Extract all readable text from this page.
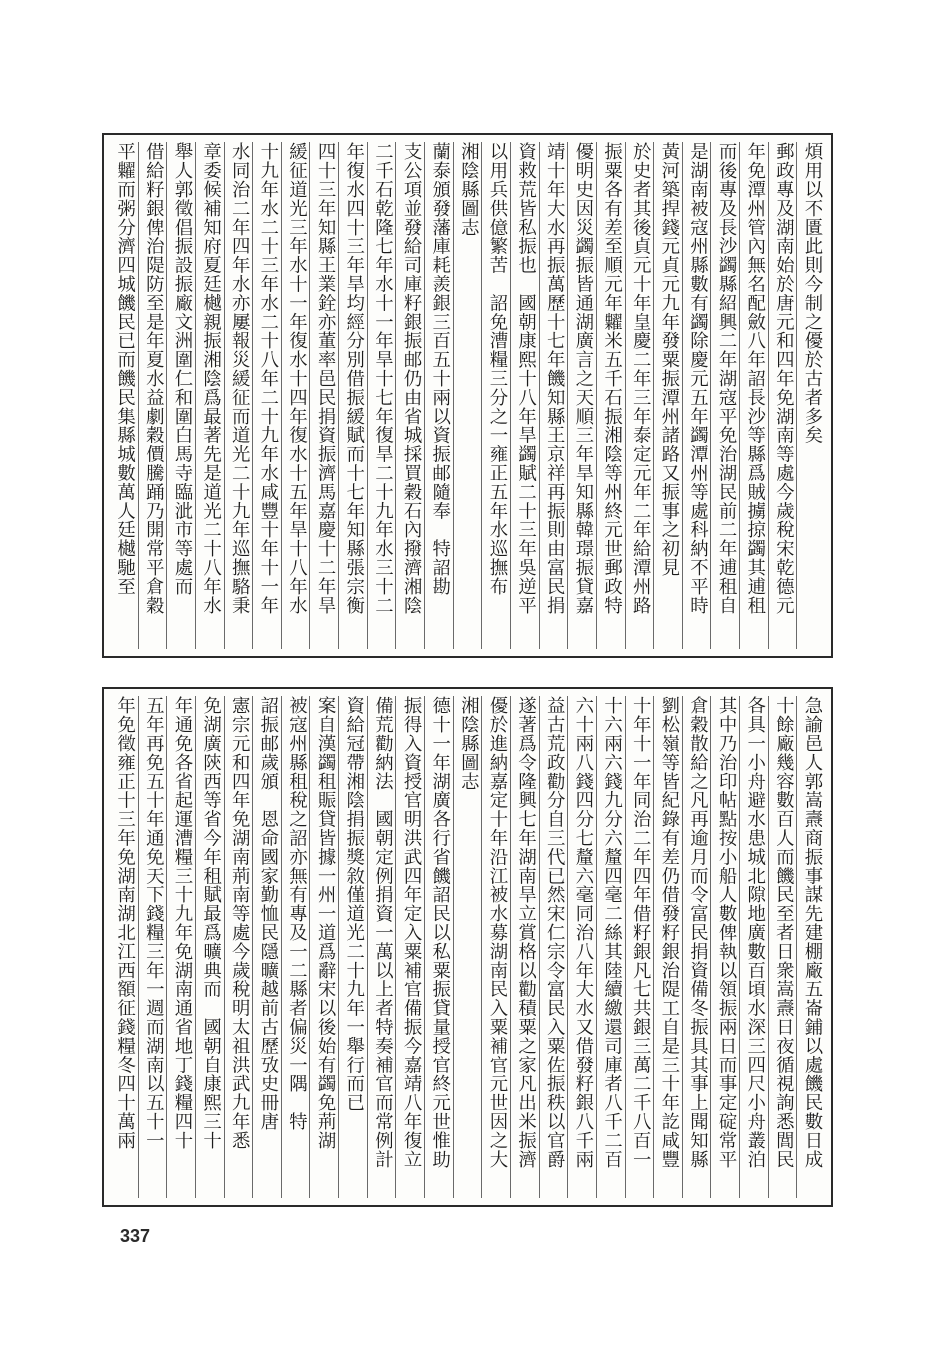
煩用以不匱此則今制之優於古者多矣
郵政專及湖南始於唐元和四年免湖南等處今歲稅宋乾德元
年免潭州管內無名配斂八年詔長沙等縣爲賊擄掠蠲其逋租
而後專及長沙蠲縣紹興二年湖寇平免治湖民前二年逋租自
是湖南被寇州縣數有蠲除慶元五年蠲潭州等處科納不平時
黃河築捍錢元貞元九年發粟振潭州諸路又振事之初見
於史者其後貞元十年皇慶二年三年泰定元年二年給潭州路
振粟各有差至順元年糶米五千石振湘陰等州終元世郵政特
優明史因災蠲振皆通湖廣言之天順三年旱知縣韓璟振貸嘉
靖十年大水再振萬歷十七年饑知縣王京祥再振則由富民捐
資救荒皆私振也　國朝康熙十八年旱蠲賦二十三年吳逆平
以用兵供億繁苦　詔免漕糧三分之一雍正五年水巡撫布
湘陰縣圖志
蘭泰頒發藩庫耗羨銀三百五十兩以資振邮隨奉　特詔勘
支公項並發給司庫籽銀振邮仍由省城採買穀石內撥濟湘陰
二千石乾隆七年水十一年旱十七年復旱二十九年水三十二
年復水四十三年旱均經分別借振緩賦而十七年知縣張宗衡
四十三年知縣王業銓亦董率邑民捐資振濟馬嘉慶十二年旱
緩征道光三年水十一年復水十四年復水十五年旱十八年水
十九年水二十三年水二十八年二十九年水咸豐十年十一年
水同治二年四年水亦屢報災緩征而道光二十九年巡撫駱秉
章委候補知府夏廷樾親振湘陰爲最著先是道光二十八年水
舉人郭徵倡振設振廠文洲圍仁和圍白馬寺臨泚市等處而
借給籽銀俾治隄防至是年夏水益劇穀價騰踊乃開常平倉穀
平糶而粥分濟四城饑民已而饑民集縣城數萬人廷樾馳至
急諭邑人郭嵩燾商振事謀先建棚廠五崙鋪以處饑民數日成
十餘廠幾容數百人而饑民至者日衆嵩燾日夜循視詢悉閭民
各具一小舟避水患城北隙地廣數百頃水深三四尺小舟叢泊
其中乃治印帖點按小船人數俾執以領振兩日而事定碇常平
倉穀散給之凡再逾月而令富民捐資備冬振具其事上聞知縣
劉松嶺等皆紀錄有差仍借發籽銀治隄工自是三十年訖咸豐
十年十一年同治二年四年借籽銀凡七共銀三萬二千八百一
十六兩六錢九分六釐四毫二絲其陸續繳還司庫者八千二百
六十兩八錢四分七釐六毫同治八年大水又借發籽銀八千兩
益古荒政勸分自三代已然宋仁宗令富民入粟佐振秩以官爵
遂著爲令隆興七年湖南旱立賞格以勸積粟之家凡出米振濟
優於進納嘉定十年沿江被水募湖南民入粟補官元世因之大
湘陰縣圖志
德十一年湖廣各行省饑詔民以私粟振貸量授官終元世惟助
振得入資授官明洪武四年定入粟補官備振今嘉靖八年復立
備荒勸納法　國朝定例捐資一萬以上者特奏補官而常例計
資給冠帶湘陰捐振獎敘僅道光二十九年一舉行而已
案自漢蠲租賑貸皆據一州一道爲辭宋以後始有蠲免荊湖
被寇州縣租稅之詔亦無有專及一二縣者偏災一隅　特
詔振邮歲頒　恩命國家勤恤民隱曠越前古歷攷史冊唐
憲宗元和四年免湖南荊南等處今歲稅明太祖洪武九年悉
免湖廣陝西等省今年租賦最爲曠典而　國朝自康熙三十
年通免各省起運漕糧三十九年免湖南通省地丁錢糧四十
五年再免五十年通免天下錢糧三年一週而湖南以五十一
年免徵雍正十三年免湖南湖北江西額征錢糧冬四十萬兩
337
